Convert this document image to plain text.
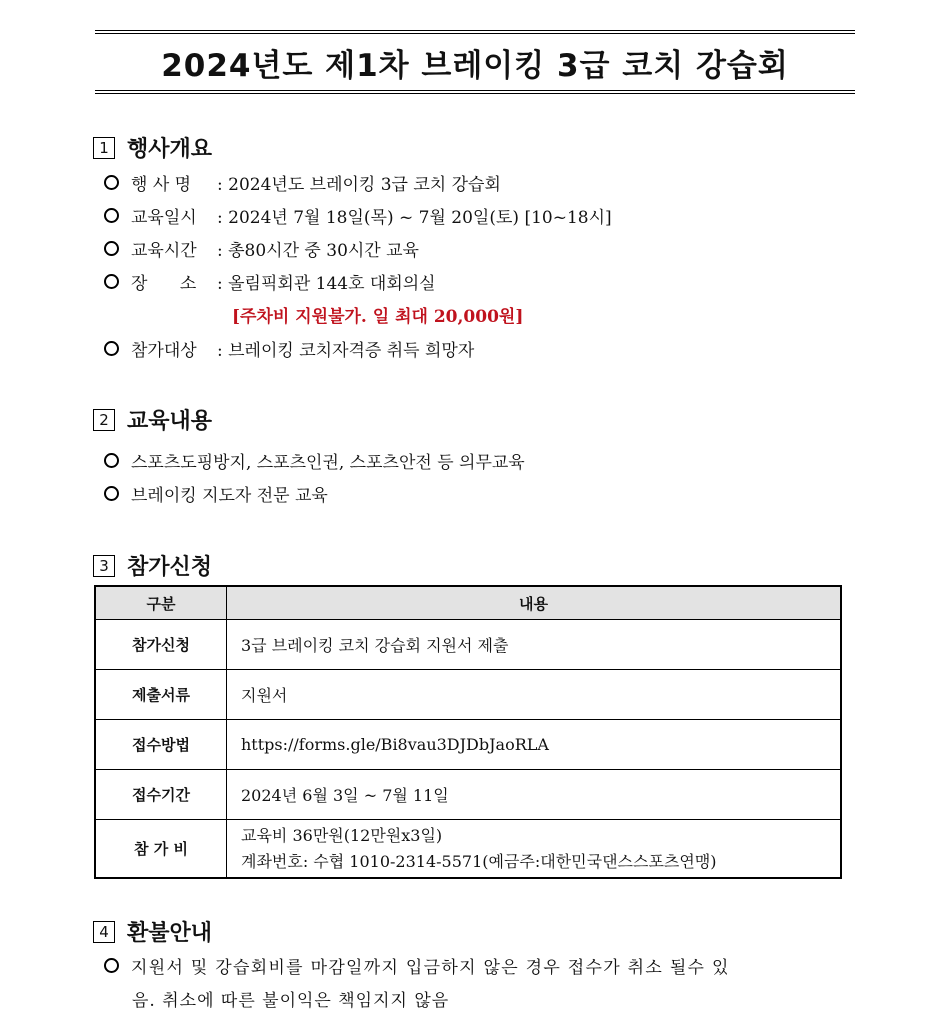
2024년도 제1차 브레이킹 3급 코치 강습회
1 행사개요
행 사 명	: 2024년도 브레이킹 3급 코치 강습회
교육일시	: 2024년 7월 18일(목) ~ 7월 20일(토) [10~18시]
교육시간	: 총80시간 중 30시간 교육
장      소	: 올림픽회관 144호 대회의실
[주차비 지원불가. 일 최대 20,000원]
참가대상	: 브레이킹 코치자격증 취득 희망자
2 교육내용
스포츠도핑방지, 스포츠인권, 스포츠안전 등 의무교육
브레이킹 지도자 전문 교육
3 참가신청
구분	내용
참가신청	3급 브레이킹 코치 강습회 지원서 제출
제출서류	지원서
접수방법	https://forms.gle/Bi8vau3DJDbJaoRLA
접수기간	2024년 6월 3일 ~ 7월 11일
참 가 비	교육비 36만원(12만원x3일)
계좌번호: 수협 1010-2314-5571(예금주:대한민국댄스스포츠연맹)
4 환불안내
지원서 및 강습회비를 마감일까지 입금하지 않은 경우 접수가 취소 될수 있
음. 취소에 따른 불이익은 책임지지 않음
